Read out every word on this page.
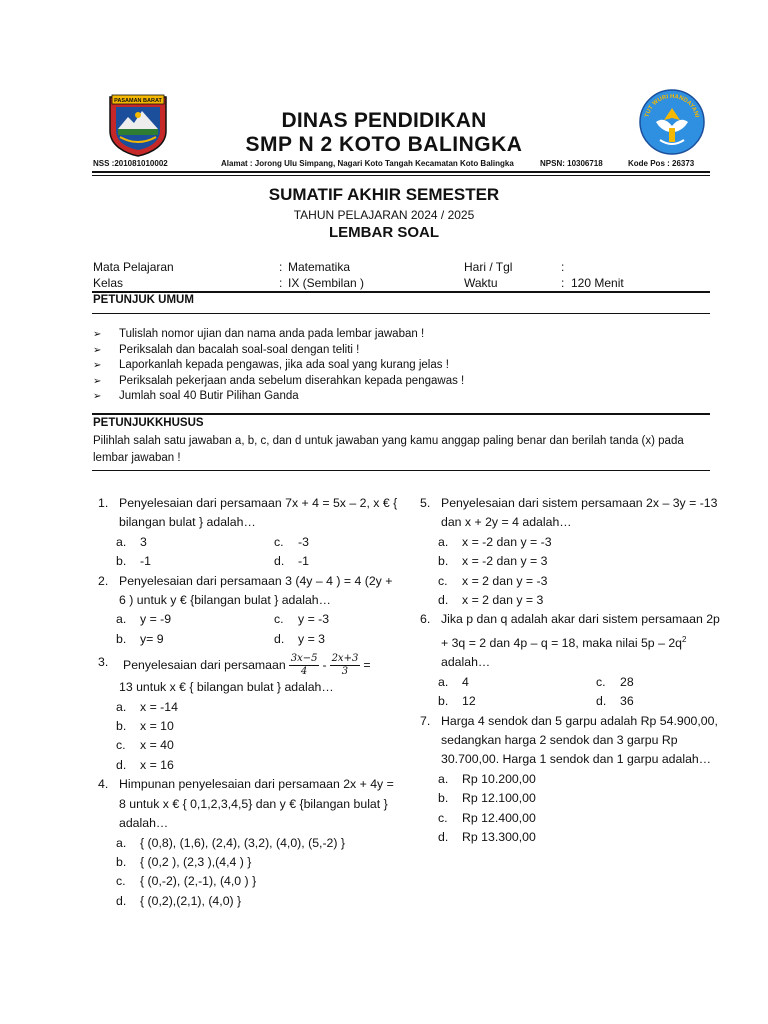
PASAMAN BARAT
TUT WURI HANDAYANI
DINAS PENDIDIKAN
SMP N 2 KOTO BALINGKA
NSS :201081010002	Alamat : Jorong Ulu Simpang, Nagari Koto Tangah Kecamatan Koto Balingka	NPSN: 10306718	Kode Pos : 26373
SUMATIF AKHIR SEMESTER
TAHUN PELAJARAN 2024 / 2025
LEMBAR SOAL
Mata Pelajaran	: Matematika	Hari / Tgl	:
Kelas	: IX (Sembilan )	Waktu	: 120 Menit
PETUNJUK UMUM
➢	Tulislah nomor ujian dan nama anda pada lembar jawaban !
➢	Periksalah dan bacalah soal-soal dengan teliti !
➢	Laporkanlah kepada pengawas, jika ada soal yang kurang jelas !
➢	Periksalah pekerjaan anda sebelum diserahkan kepada pengawas !
➢	Jumlah soal 40 Butir Pilihan Ganda
PETUNJUKKHUSUS
Pilihlah salah satu jawaban a, b, c, dan d untuk jawaban yang kamu anggap paling benar dan berilah tanda (x) pada lembar jawaban !
1. Penyelesaian dari persamaan 7x + 4 = 5x – 2, x € { bilangan bulat } adalah…
a.	3	c.	-3
b.	-1	d.	-1
2. Penyelesaian dari persamaan 3 (4y – 4 ) = 4 (2y + 6 ) untuk y € {bilangan bulat } adalah…
a.	y = -9	c.	y = -3
b.	y= 9	d.	y = 3
3.	Penyelesaian dari persamaan $\frac{3x-5}{4} - \frac{2x+3}{3}$ =
13 untuk x € { bilangan bulat } adalah…
a.	x = -14
b.	x = 10
c.	x = 40
d.	x = 16
4. Himpunan penyelesaian dari persamaan 2x + 4y = 8 untuk x € { 0,1,2,3,4,5} dan y € {bilangan bulat } adalah…
a.	{ (0,8), (1,6), (2,4), (3,2), (4,0), (5,-2) }
b.	{ (0,2 ), (2,3 ),(4,4 ) }
c.	{ (0,-2), (2,-1), (4,0 ) }
d.	{ (0,2),(2,1), (4,0) }
5. Penyelesaian dari sistem persamaan 2x – 3y = -13 dan x + 2y = 4 adalah…
a.	x = -2 dan y = -3
b.	x = -2 dan y = 3
c.	x = 2 dan y = -3
d.	x = 2 dan y = 3
6. Jika p dan q adalah akar dari sistem persamaan 2p + 3q = 2 dan 4p – q = 18, maka nilai $5p - 2q^2$ adalah…
a.	4	c.	28
b.	12	d.	36
7. Harga 4 sendok dan 5 garpu adalah Rp 54.900,00, sedangkan harga 2 sendok dan 3 garpu Rp 30.700,00. Harga 1 sendok dan 1 garpu adalah…
a.	Rp 10.200,00
b.	Rp 12.100,00
c.	Rp 12.400,00
d.	Rp 13.300,00
